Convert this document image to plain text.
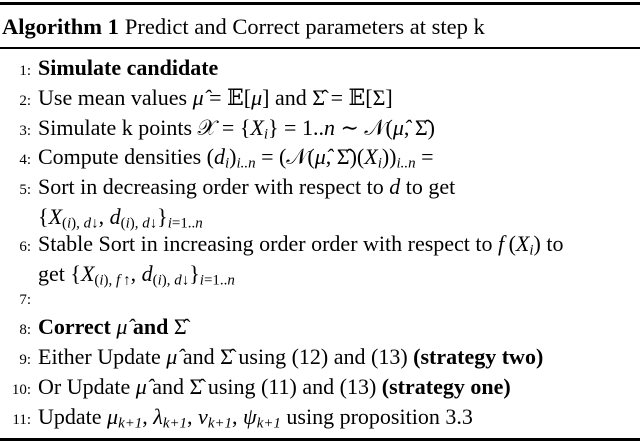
Algorithm 1 Predict and Correct parameters at step k
1: Simulate candidate
2: Use mean values μ̂ = 𝔼[μ] and Σ̂ = 𝔼[Σ]
3: Simulate k points 𝒳 = $\{X_i\} = 1..n$ ∼ 𝒩(μ̂, Σ̂)
4: Compute densities $(d_i)_{i..n}$ = (𝒩(μ̂, $\Sigmâ)(X_i))_{i..n}$ =
5: Sort in decreasing order with respect to d to get
{$X_{(i), d↓}$, $d_{(i), d↓}\}_{i=1..n}$
6: Stable Sort in increasing order order with respect to f $(X_i)$ to
get {$X_{(i), f ↑}$, $d_{(i), d↓}\}_{i=1..n}$
7:
8: Correct μ̂ and Σ̂
9: Either Update μ̂ and Σ̂ using (12) and (13) (strategy two)
10: Or Update μ̂ and Σ̂ using (11) and (13) (strategy one)
11: Update $\mu_{k+1}$, $\lambda_{k+1}$, $v_{k+1}$, $\psi_{k+1}$ using proposition 3.3
